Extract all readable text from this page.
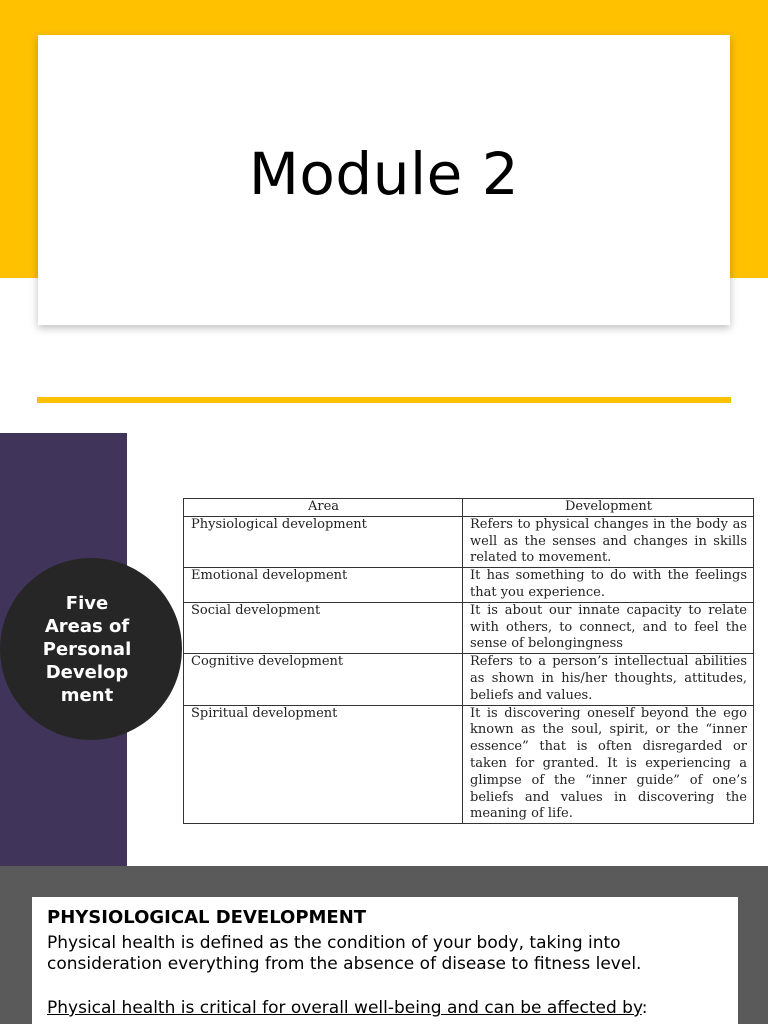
Module 2
Five
Areas of
Personal
Develop
ment
Area	Development
Physiological development	Refers to physical changes in the body as well as the senses and changes in skills related to movement.
Emotional development	It has something to do with the feelings that you experience.
Social development	It is about our innate capacity to relate with others, to connect, and to feel the sense of belongingness
Cognitive development	Refers to a person’s intellectual abilities as shown in his/her thoughts, attitudes, beliefs and values.
Spiritual development	It is discovering oneself beyond the ego known as the soul, spirit, or the “inner essence” that is often disregarded or taken for granted. It is experiencing a glimpse of the “inner guide” of one’s beliefs and values in discovering the meaning of life.
PHYSIOLOGICAL DEVELOPMENT
Physical health is defined as the condition of your body, taking into consideration everything from the absence of disease to fitness level.
Physical health is critical for overall well-being and can be affected by:
